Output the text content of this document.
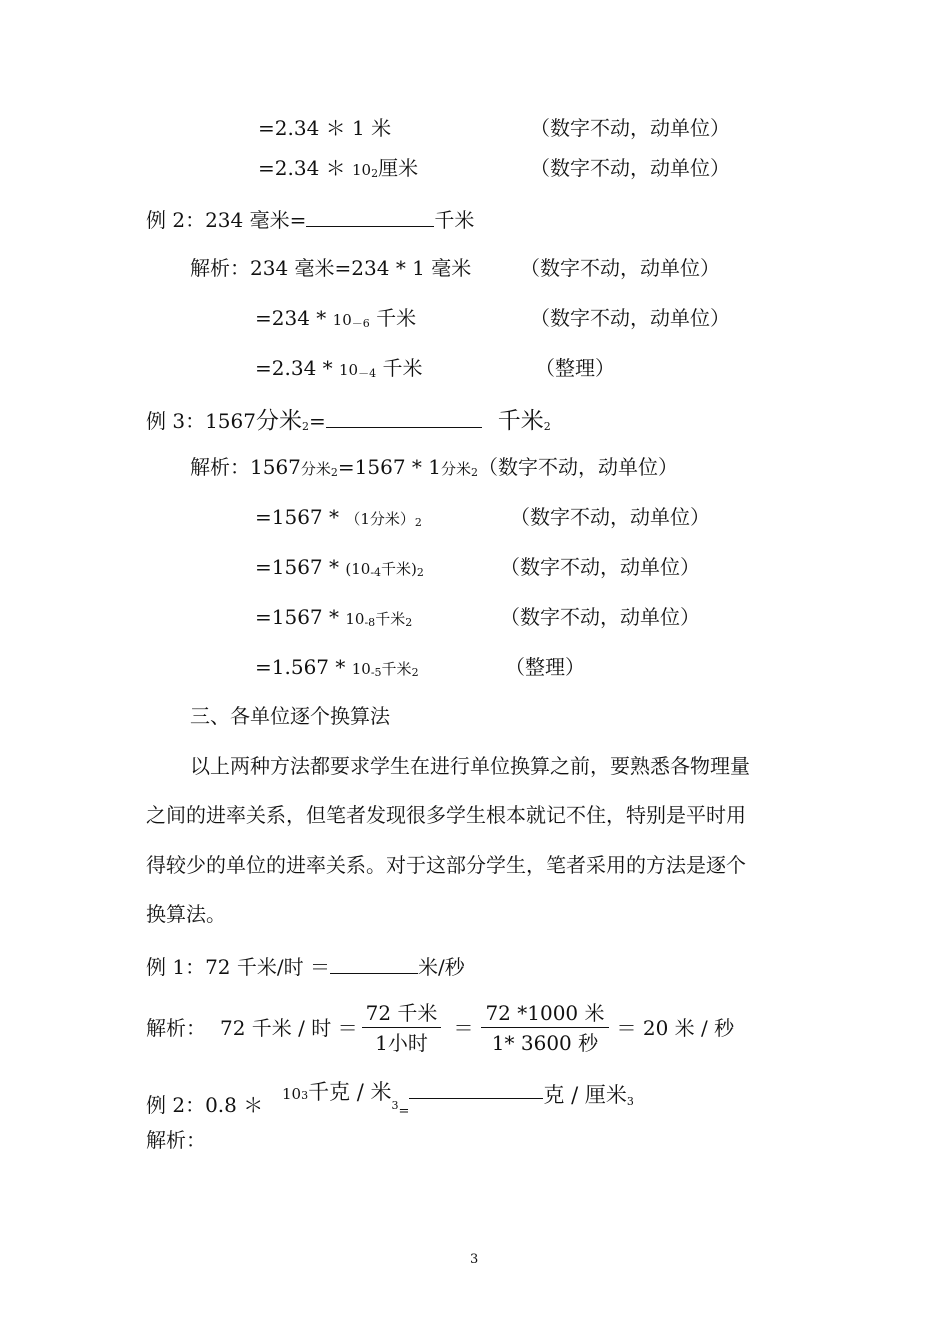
=2.34 ＊ 1 米	（数字不动，动单位）
=2.34 ＊ 102厘米	（数字不动，动单位）
例 2：234 毫米=	千米
解析：234 毫米=234 * 1 毫米 （数字不动，动单位）
=234 * 10－6 千米	（数字不动，动单位）
=2.34 * 10－4 千米	（整理）
例 3：1567分米2=	千米2
解析：1567分米2=1567 * 1分米2（数字不动，动单位）
=1567 * （1分米）2	（数字不动，动单位）
=1567 * (10-4千米)2	（数字不动，动单位）
=1567 * 10-8千米2	（数字不动，动单位）
=1.567 * 10-5千米2	（整理）
三、各单位逐个换算法
以上两种方法都要求学生在进行单位换算之前，要熟悉各物理量
之间的进率关系，但笔者发现很多学生根本就记不住，特别是平时用
得较少的单位的进率关系。对于这部分学生，笔者采用的方法是逐个
换算法。
例 1：72 千米/时 ＝	米/秒
解析： 72 千米 / 时 ＝ $\frac{\text{72 千米}}{\text{1小时}} = \frac{\text{72 *1000 米}}{\text{1* 3600 秒}} = 20$ 米 / 秒
例 2：0.8 ＊ 103千克 / 米$_{3=}$克 / 厘米$_3$
解析：
3
